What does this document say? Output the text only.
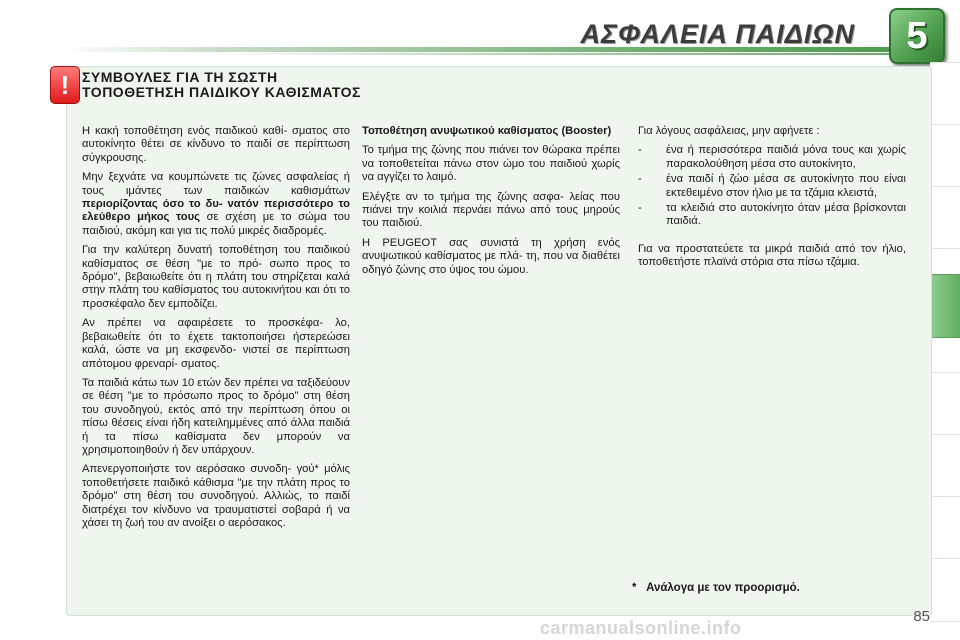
ΑΣΦΑΛΕΙΑ ΠΑΙΔΙΩΝ	5
! ΣΥΜΒΟΥΛΕΣ ΓΙΑ ΤΗ ΣΩΣΤΗ ΤΟΠΟΘΕΤΗΣΗ ΠΑΙΔΙΚΟΥ ΚΑΘΙΣΜΑΤΟΣ

Η κακή τοποθέτηση ενός παιδικού καθί- σματος στο αυτοκίνητο θέτει σε κίνδυνο το παιδί σε περίπτωση σύγκρουσης.

Μην ξεχνάτε να κουμπώνετε τις ζώνες ασφαλείας ή τους ιμάντες των παιδικών καθισμάτων περιορίζοντας όσο το δυ- νατόν περισσότερο το ελεύθερο μήκος τους σε σχέση με το σώμα του παιδιού, ακόμη και για τις πολύ μικρές διαδρομές.

Για την καλύτερη δυνατή τοποθέτηση του παιδικού καθίσματος σε θέση "με το πρό- σωπο προς το δρόμο", βεβαιωθείτε ότι η πλάτη του στηρίζεται καλά στην πλάτη του καθίσματος του αυτοκινήτου και ότι το προσκέφαλο δεν εμποδίζει.

Αν πρέπει να αφαιρέσετε το προσκέφα- λο, βεβαιωθείτε ότι το έχετε τακτοποιήσει ήστερεώσει καλά, ώστε να μη εκσφενδο- νιστεί σε περίπτωση απότομου φρεναρί- σματος.

Τα παιδιά κάτω των 10 ετών δεν πρέπει να ταξιδεύουν σε θέση "με το πρόσωπο προς το δρόμο" στη θέση του συνοδηγού, εκτός από την περίπτωση όπου οι πίσω θέσεις είναι ήδη κατειλημμένες από άλλα παιδιά ή τα πίσω καθίσματα δεν μπορούν να χρησιμοποιηθούν ή δεν υπάρχουν.

Απενεργοποιήστε τον αερόσακο συνοδη- γού* μόλις τοποθετήσετε παιδικό κάθισμα "με την πλάτη προς το δρόμο" στη θέση του συνοδηγού. Αλλιώς, το παιδί διατρέχει τον κίνδυνο να τραυματιστεί σοβαρά ή να χάσει τη ζωή του αν ανοίξει ο αερόσακος.

Τοποθέτηση ανυψωτικού καθίσματος (Booster)

Το τμήμα της ζώνης που πιάνει τον θώρακα πρέπει να τοποθετείται πάνω στον ώμο του παιδιού χωρίς να αγγίζει το λαιμό.

Ελέγξτε αν το τμήμα της ζώνης ασφα- λείας που πιάνει την κοιλιά περνάει πάνω από τους μηρούς του παιδιού.

Η PEUGEOT σας συνιστά τη χρήση ενός ανυψωτικού καθίσματος με πλά- τη, που να διαθέτει οδηγό ζώνης στο ύψος του ώμου.

Για λόγους ασφάλειας, μην αφήνετε :

- ένα ή περισσότερα παιδιά μόνα τους και χωρίς παρακολούθηση μέσα στο αυτοκίνητο,
- ένα παιδί ή ζώο μέσα σε αυτοκίνητο που είναι εκτεθειμένο στον ήλιο με τα τζάμια κλειστά,
- τα κλειδιά στο αυτοκίνητο όταν μέσα βρίσκονται παιδιά.

Για να προστατεύετε τα μικρά παιδιά από τον ήλιο, τοποθετήστε πλαϊνά στόρια στα πίσω τζάμια.

* Ανάλογα με τον προορισμό.
carmanualsonline.info
85
